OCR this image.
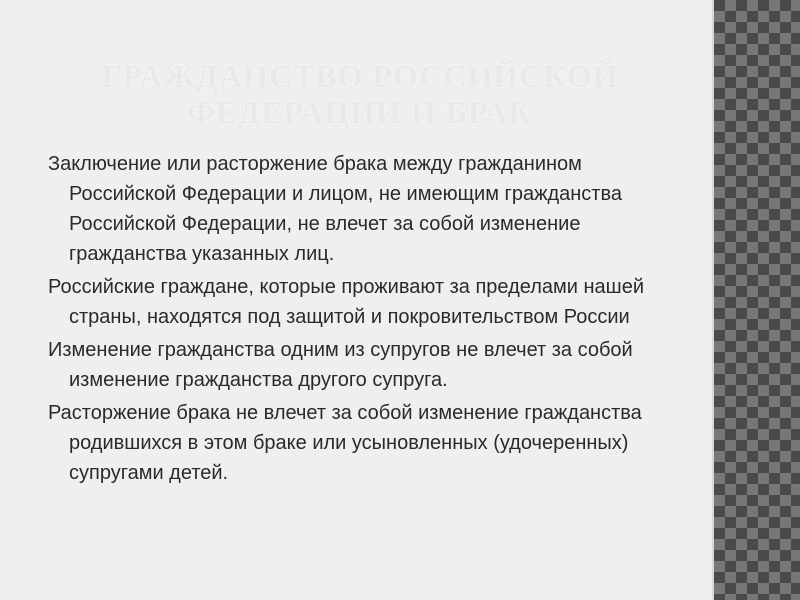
ГРАЖДАНСТВО РОССИЙСКОЙ ФЕДЕРАЦИИ И БРАК
Заключение или расторжение брака между гражданином Российской Федерации и лицом, не имеющим гражданства Российской Федерации, не влечет за собой изменение гражданства указанных лиц.
Российские граждане, которые проживают за пределами нашей страны, находятся под защитой и покровительством России
Изменение гражданства одним из супругов не влечет за собой изменение гражданства другого супруга.
Расторжение брака не влечет за собой изменение гражданства родившихся в этом браке или усыновленных (удочеренных) супругами детей.
